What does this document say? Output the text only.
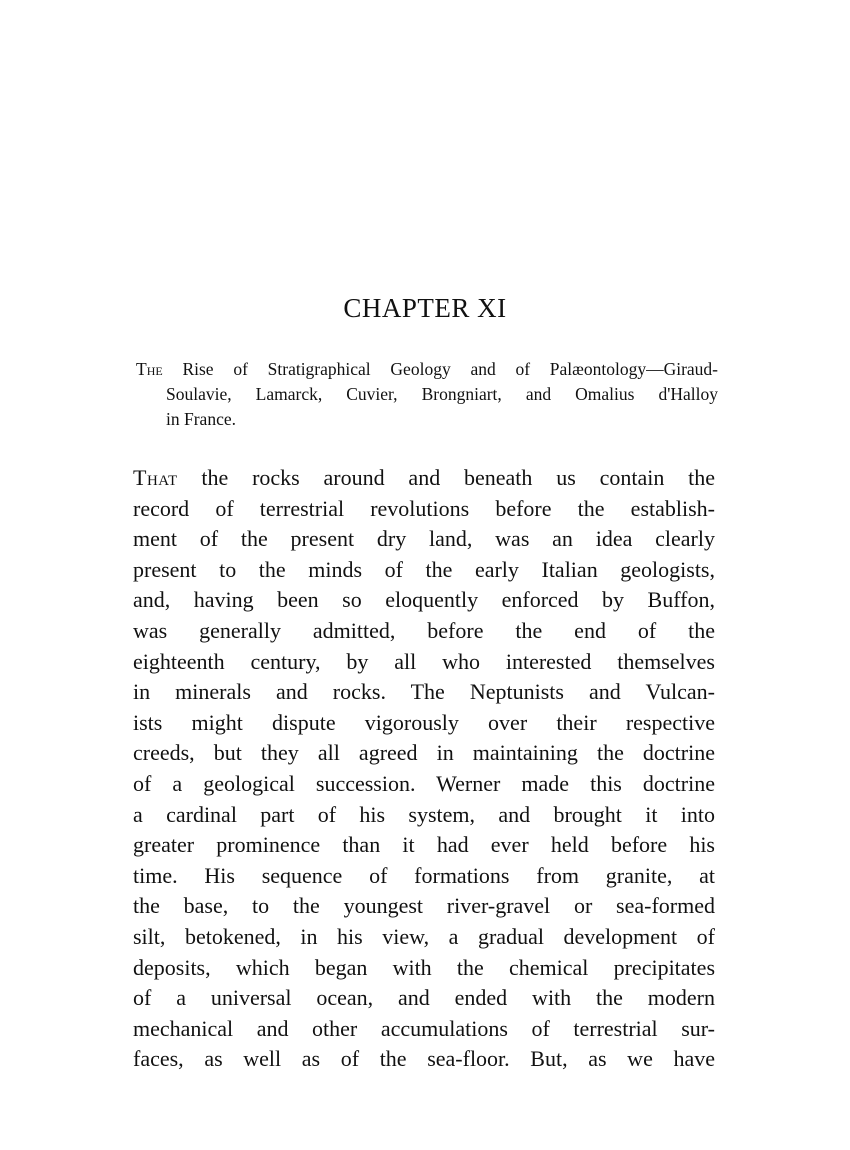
CHAPTER XI

The Rise of Stratigraphical Geology and of Palæontology—Giraud-
Soulavie, Lamarck, Cuvier, Brongniart, and Omalius d'Halloy
in France.

That the rocks around and beneath us contain the
record of terrestrial revolutions before the establish-
ment of the present dry land, was an idea clearly
present to the minds of the early Italian geologists,
and, having been so eloquently enforced by Buffon,
was generally admitted, before the end of the
eighteenth century, by all who interested themselves
in minerals and rocks. The Neptunists and Vulcan-
ists might dispute vigorously over their respective
creeds, but they all agreed in maintaining the doctrine
of a geological succession. Werner made this doctrine
a cardinal part of his system, and brought it into
greater prominence than it had ever held before his
time. His sequence of formations from granite, at
the base, to the youngest river-gravel or sea-formed
silt, betokened, in his view, a gradual development of
deposits, which began with the chemical precipitates
of a universal ocean, and ended with the modern
mechanical and other accumulations of terrestrial sur-
faces, as well as of the sea-floor. But, as we have
